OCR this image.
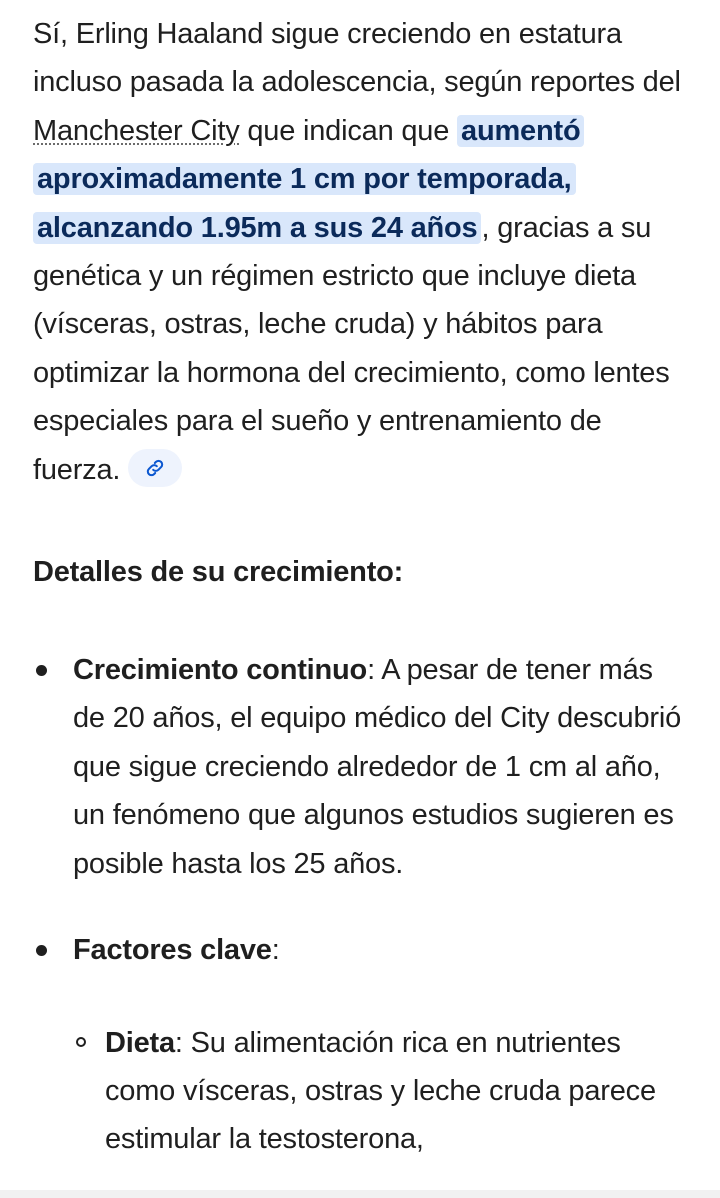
Sí, Erling Haaland sigue creciendo en estatura incluso pasada la adolescencia, según reportes del Manchester City que indican que aumentó aproximadamente 1 cm por temporada, alcanzando 1.95m a sus 24 años , gracias a su genética y un régimen estricto que incluye dieta (vísceras, ostras, leche cruda) y hábitos para optimizar la hormona del crecimiento, como lentes especiales para el sueño y entrenamiento de fuerza.

Detalles de su crecimiento:
Crecimiento continuo: A pesar de tener más de 20 años, el equipo médico del City descubrió que sigue creciendo alrededor de 1 cm al año, un fenómeno que algunos estudios sugieren es posible hasta los 25 años.
Factores clave:
Dieta: Su alimentación rica en nutrientes como vísceras, ostras y leche cruda parece estimular la testosterona,
